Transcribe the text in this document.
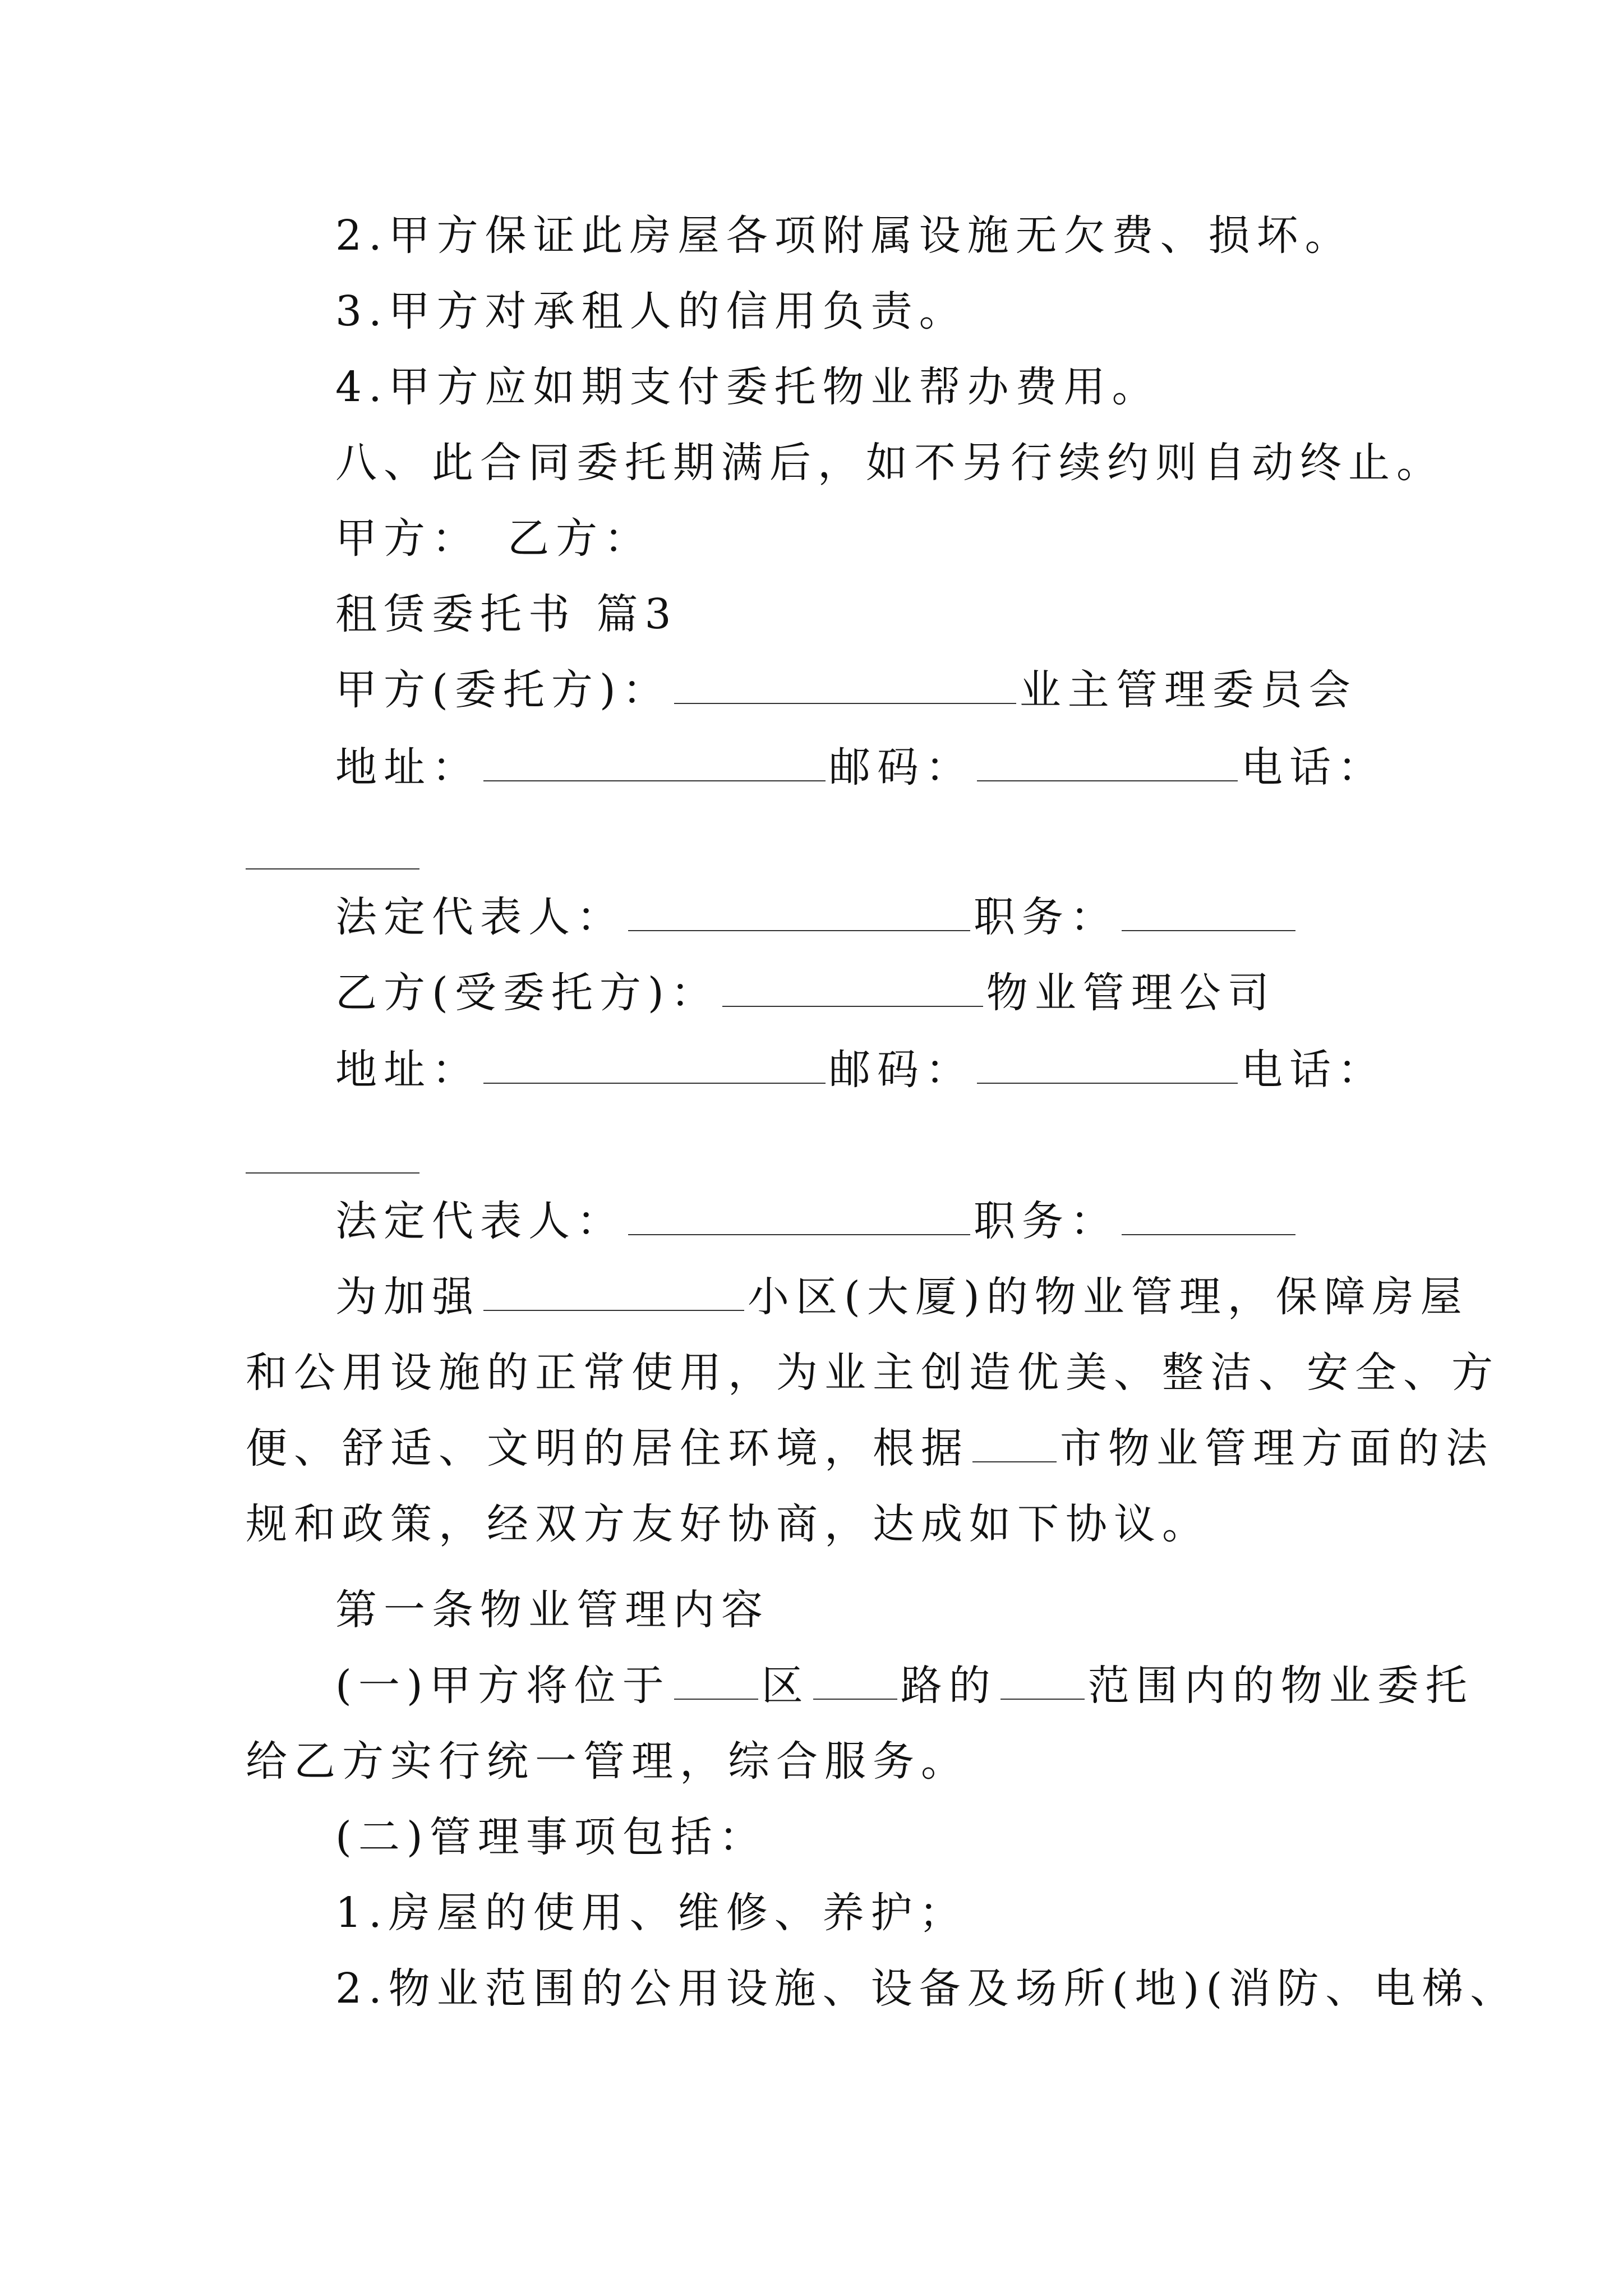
2.甲方保证此房屋各项附属设施无欠费、损坏。
3.甲方对承租人的信用负责。
4.甲方应如期支付委托物业帮办费用。
八、此合同委托期满后，如不另行续约则自动终止。
甲方：　乙方：
租赁委托书 篇3
甲方(委托方)：	业主管理委员会
地址：	邮码：	电话：
法定代表人：	职务：
乙方(受委托方)：	物业管理公司
地址：	邮码：	电话：
法定代表人：	职务：
为加强	小区(大厦)的物业管理，保障房屋
和公用设施的正常使用，为业主创造优美、整洁、安全、方
便、舒适、文明的居住环境，根据 市物业管理方面的法
规和政策，经双方友好协商，达成如下协议。
第一条物业管理内容
(一)甲方将位于 区 路的 范围内的物业委托
给乙方实行统一管理，综合服务。
(二)管理事项包括：
1.房屋的使用、维修、养护；
2.物业范围的公用设施、设备及场所(地)(消防、电梯、
